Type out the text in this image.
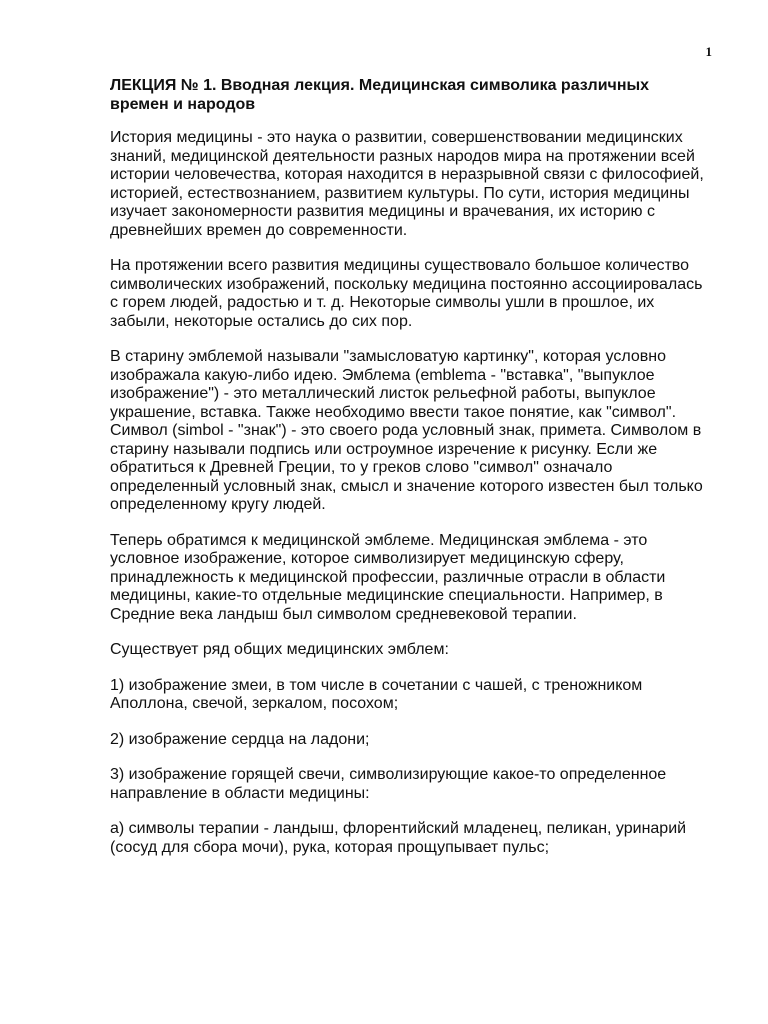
1
ЛЕКЦИЯ № 1. Вводная лекция. Медицинская символика различных времен и народов

История медицины - это наука о развитии, совершенствовании медицинских знаний, медицинской деятельности разных народов мира на протяжении всей истории человечества, которая находится в неразрывной связи с философией, историей, естествознанием, развитием культуры. По сути, история медицины изучает закономерности развития медицины и врачевания, их историю с древнейших времен до современности.

На протяжении всего развития медицины существовало большое количество символических изображений, поскольку медицина постоянно ассоциировалась с горем людей, радостью и т. д. Некоторые символы ушли в прошлое, их забыли, некоторые остались до сих пор.

В старину эмблемой называли "замысловатую картинку", которая условно изображала какую-либо идею. Эмблема (emblema - "вставка", "выпуклое изображение") - это металлический листок рельефной работы, выпуклое украшение, вставка. Также необходимо ввести такое понятие, как "символ". Символ (simbol - "знак") - это своего рода условный знак, примета. Символом в старину называли подпись или остроумное изречение к рисунку. Если же обратиться к Древней Греции, то у греков слово "символ" означало определенный условный знак, смысл и значение которого известен был только определенному кругу людей.

Теперь обратимся к медицинской эмблеме. Медицинская эмблема - это условное изображение, которое символизирует медицинскую сферу, принадлежность к медицинской профессии, различные отрасли в области медицины, какие-то отдельные медицинские специальности. Например, в Средние века ландыш был символом средневековой терапии.

Существует ряд общих медицинских эмблем:

1) изображение змеи, в том числе в сочетании с чашей, с треножником Аполлона, свечой, зеркалом, посохом;

2) изображение сердца на ладони;

3) изображение горящей свечи, символизирующие какое-то определенное направление в области медицины:

а) символы терапии - ландыш, флорентийский младенец, пеликан, уринарий (сосуд для сбора мочи), рука, которая прощупывает пульс;
